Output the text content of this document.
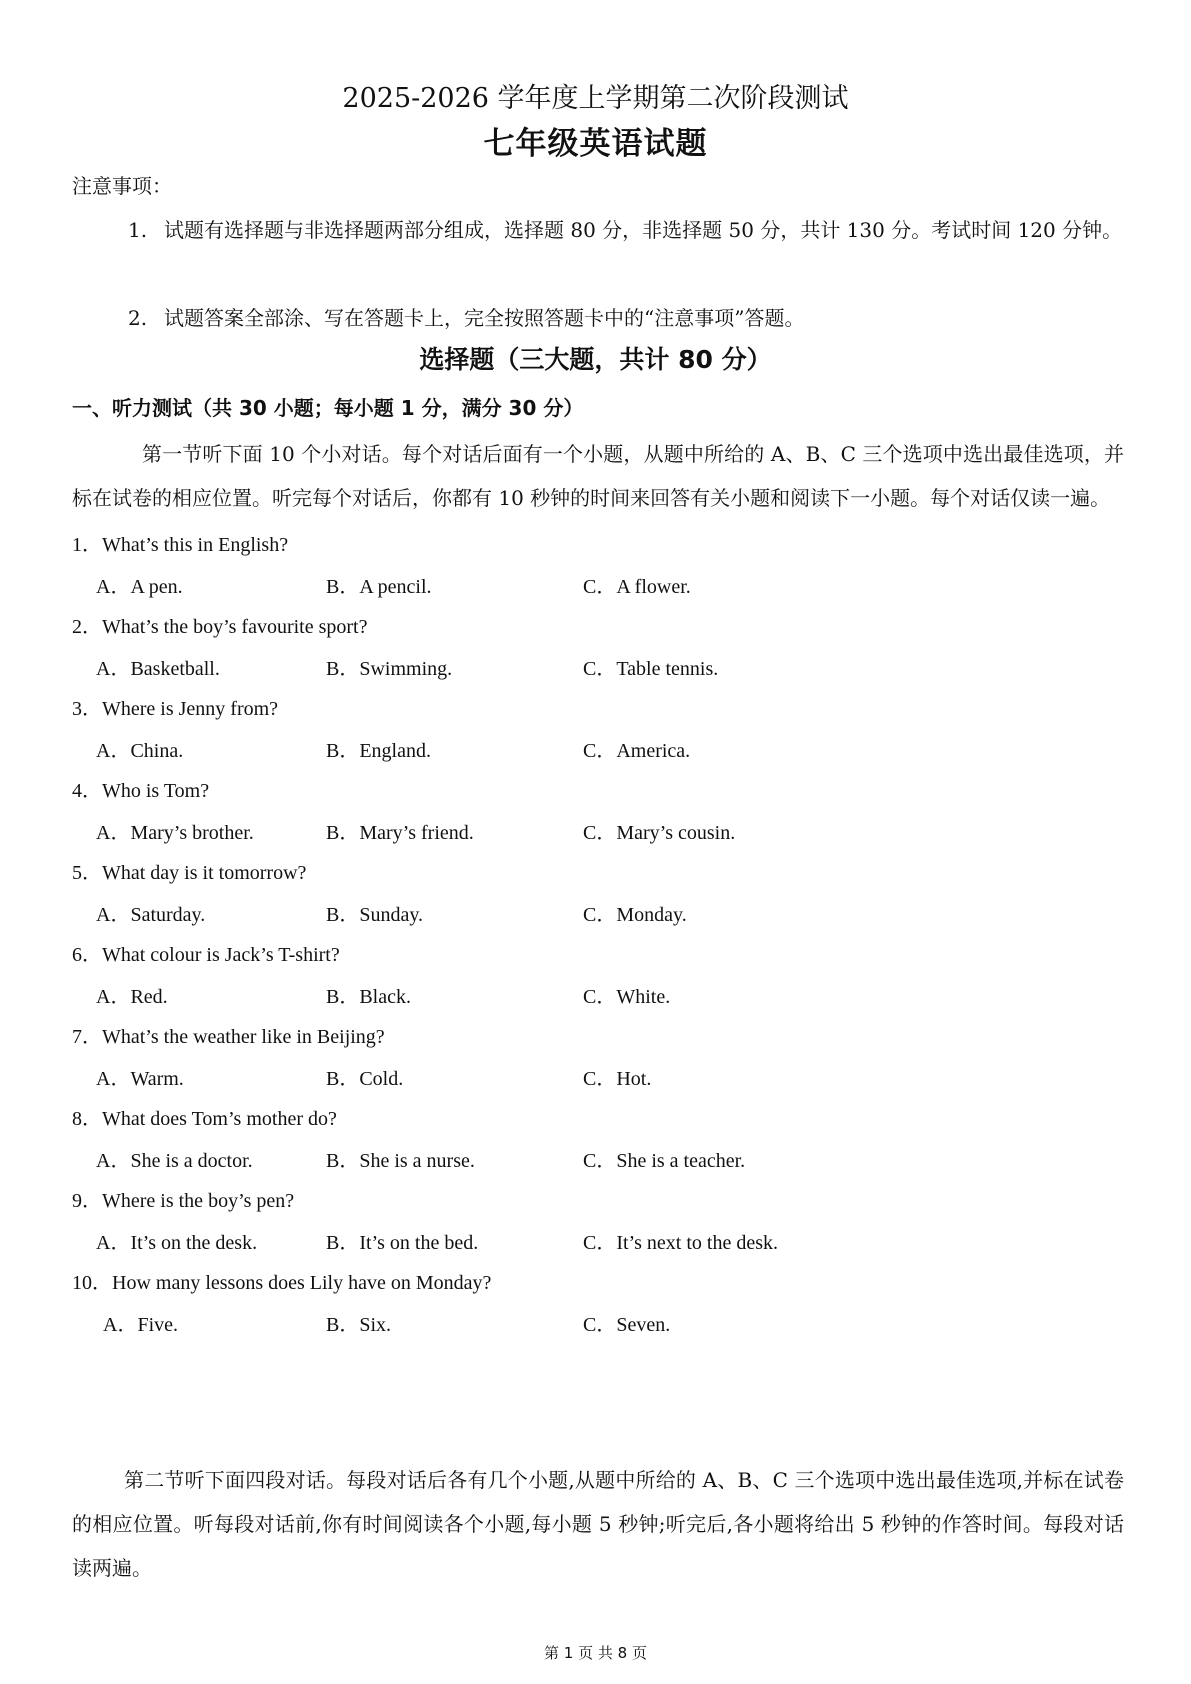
2025-2026 学年度上学期第二次阶段测试
七年级英语试题
注意事项：
1. 试题有选择题与非选择题两部分组成，选择题 80 分，非选择题 50 分，共计 130 分。考试时间 120 分钟。
2. 试题答案全部涂、写在答题卡上，完全按照答题卡中的“注意事项”答题。
选择题（三大题，共计 80 分）
一、听力测试（共 30 小题；每小题 1 分，满分 30 分）
第一节听下面 10 个小对话。每个对话后面有一个小题，从题中所给的 A、B、C 三个选项中选出最佳选项，并标在试卷的相应位置。听完每个对话后，你都有 10 秒钟的时间来回答有关小题和阅读下一小题。每个对话仅读一遍。
1．What’s this in English?
A．A pen.	B．A pencil.	C．A flower.
2．What’s the boy’s favourite sport?
A．Basketball.	B．Swimming.	C．Table tennis.
3．Where is Jenny from?
A．China.	B．England.	C．America.
4．Who is Tom?
A．Mary’s brother.	B．Mary’s friend.	C．Mary’s cousin.
5．What day is it tomorrow?
A．Saturday.	B．Sunday.	C．Monday.
6．What colour is Jack’s T-shirt?
A．Red.	B．Black.	C．White.
7．What’s the weather like in Beijing?
A．Warm.	B．Cold.	C．Hot.
8．What does Tom’s mother do?
A．She is a doctor.	B．She is a nurse.	C．She is a teacher.
9．Where is the boy’s pen?
A．It’s on the desk.	B．It’s on the bed.	C．It’s next to the desk.
10．How many lessons does Lily have on Monday?
A．Five.	B．Six.	C．Seven.
第二节听下面四段对话。每段对话后各有几个小题,从题中所给的 A、B、C 三个选项中选出最佳选项,并标在试卷的相应位置。听每段对话前,你有时间阅读各个小题,每小题 5 秒钟;听完后,各小题将给出 5 秒钟的作答时间。每段对话读两遍。
第 1 页 共 8 页
